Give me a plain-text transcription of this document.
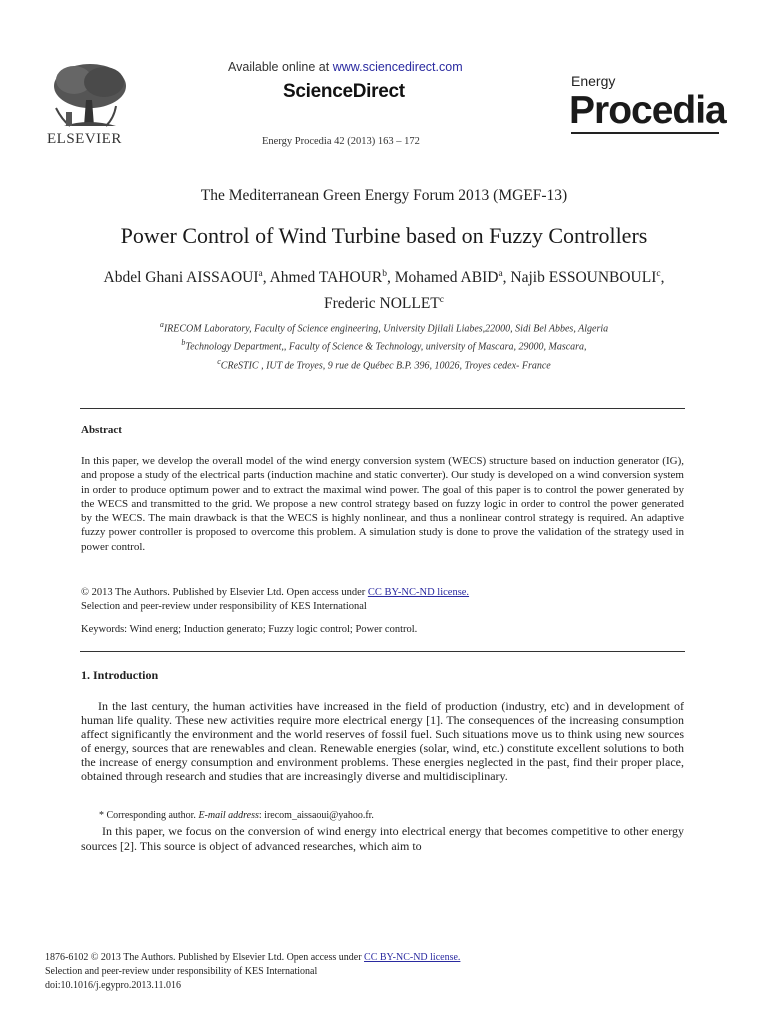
ELSEVIER
Available online at www.sciencedirect.com
ScienceDirect
Energy Procedia 42 (2013) 163 – 172
Energy
Procedia
The Mediterranean Green Energy Forum 2013 (MGEF-13)
Power Control of Wind Turbine based on Fuzzy Controllers
Abdel Ghani AISSAOUI$^a$, Ahmed TAHOUR$^b$, Mohamed ABID$^a$, Najib ESSOUNBOULI$^c$, Frederic NOLLET$^c$
$^a$IRECOM Laboratory, Faculty of Science engineering, University Djilali Liabes,22000, Sidi Bel Abbes, Algeria
$^b$Technology Department,, Faculty of Science & Technology, university of Mascara, 29000, Mascara,
$^c$CReSTIC , IUT de Troyes, 9 rue de Québec B.P. 396, 10026, Troyes cedex- France
Abstract
In this paper, we develop the overall model of the wind energy conversion system (WECS) structure based on induction generator (IG), and propose a study of the electrical parts (induction machine and static converter). Our study is developed on a wind conversion system in order to produce optimum power and to extract the maximal wind power. The goal of this paper is to control the power generated by the WECS and transmitted to the grid. We propose a new control strategy based on fuzzy logic in order to control the power generated by the WECS. The main drawback is that the WECS is highly nonlinear, and thus a nonlinear control strategy is required. An adaptive fuzzy power controller is proposed to overcome this problem. A simulation study is done to prove the validation of the strategy used in power control.
© 2013 The Authors. Published by Elsevier Ltd. Open access under CC BY-NC-ND license.
Selection and peer-review under responsibility of KES International
Keywords: Wind energ; Induction generato; Fuzzy logic control; Power control.
1. Introduction
In the last century, the human activities have increased in the field of production (industry, etc) and in development of human life quality. These new activities require more electrical energy [1]. The consequences of the increasing consumption affect significantly the environment and the world reserves of fossil fuel. Such situations move us to think using new sources of energy, sources that are renewables and clean. Renewable energies (solar, wind, etc.) constitute excellent solutions to both the increase of energy consumption and environment problems. These energies neglected in the past, find their proper place, obtained through research and studies that are increasingly diverse and multidisciplinary.
* Corresponding author. E-mail address: irecom_aissaoui@yahoo.fr.
In this paper, we focus on the conversion of wind energy into electrical energy that becomes competitive to other energy sources [2]. This source is object of advanced researches, which aim to
1876-6102 © 2013 The Authors. Published by Elsevier Ltd. Open access under CC BY-NC-ND license.
Selection and peer-review under responsibility of KES International
doi:10.1016/j.egypro.2013.11.016
